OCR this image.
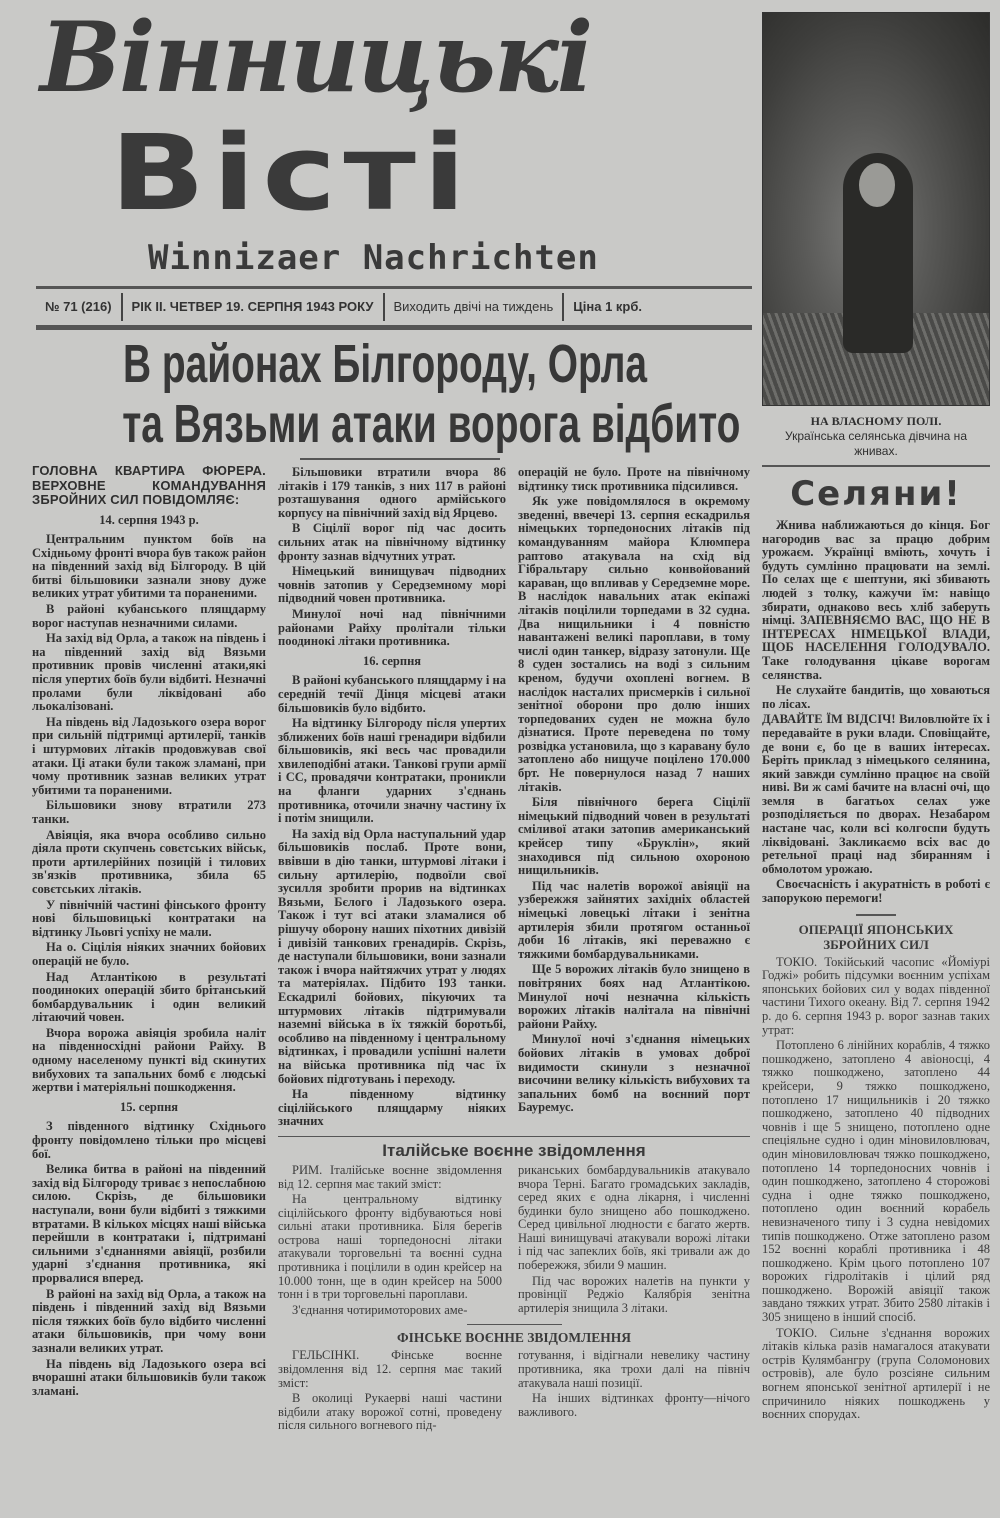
Вінницькі
Вісті
Winnizaer Nachrichten
№ 71 (216)	РІК II. ЧЕТВЕР 19. СЕРПНЯ 1943 РОКУ	Виходить двічі на тиждень	Ціна 1 крб.
В районах Білгороду, Орла
та Вязьми атаки ворога відбито	НА ВЛАСНОМУ ПОЛІ.
Українська селянська дівчина на жнивах.
Селяни!

Жнива наближаються до кінця. Бог нагородив вас за працю добрим урожаєм. Українці вміють, хочуть і будуть сумлінно працювати на землі. По селах ще є шептуни, які збивають людей з толку, кажучи їм: навіщо збирати, однаково весь хліб заберуть німці. ЗАПЕВНЯЄМО ВАС, ЩО НЕ В ІНТЕРЕСАХ НІМЕЦЬКОЇ ВЛАДИ, ЩОБ НАСЕЛЕННЯ ГОЛОДУВАЛО. Таке голодування цікаве ворогам селянства.

Не слухайте бандитів, що ховаються по лісах.

ДАВАЙТЕ ЇМ ВІДСІЧ! Виловлюйте їх і передавайте в руки влади. Сповіщайте, де вони є, бо це в ваших інтересах. Беріть приклад з німецького селянина, який завжди сумлінно працює на своїй ниві. Ви ж самі бачите на власні очі, що земля в багатьох селах уже розподіляється по дворах. Незабаром настане час, коли всі колгоспи будуть ліквідовані. Закликаємо всіх вас до ретельної праці над збиранням і обмолотом урожаю.

Своєчасність і акуратність в роботі є запорукою перемоги!

ОПЕРАЦІЇ ЯПОНСЬКИХ ЗБРОЙНИХ СИЛ

ТОКІО. Токійський часопис «Йоміурі Годжі» робить підсумки воєнним успіхам японських бойових сил у водах південної частини Тихого океану. Від 7. серпня 1942 р. до 6. серпня 1943 р. ворог зазнав таких утрат:

Потоплено 6 лінійних кораблів, 4 тяжко пошкоджено, затоплено 4 авіоносці, 4 тяжко пошкоджено, затоплено 44 крейсери, 9 тяжко пошкоджено, потоплено 17 нищильників і 20 тяжко пошкоджено, затоплено 40 підводних човнів і ще 5 знищено, потоплено одне спеціяльне судно і один міновиловлювач, один міновиловлювач тяжко пошкоджено, потоплено 14 торпедоносних човнів і один пошкоджено, затоплено 4 сторожові судна і одне тяжко пошкоджено, потоплено один воєнний корабель невизначеного типу і 3 судна невідомих типів пошкоджено. Отже затоплено разом 152 воєнні кораблі противника і 48 пошкоджено. Крім цього потоплено 107 ворожих гідролітаків і цілий ряд пошкоджено. Ворожій авіяції також завдано тяжких утрат. Збито 2580 літаків і 305 знищено в інший спосіб.

ТОКІО. Сильне з'єднання ворожих літаків кілька разів намагалося атакувати острів Кулямбангру (група Соломонових островів), але було розсіяне сильним вогнем японської зенітної артилерії і не спричинило ніяких пошкоджень у воєнних спорудах.

ГОЛОВНА КВАРТИРА ФЮРЕРА. ВЕРХОВНЕ КОМАНДУВАННЯ ЗБРОЙНИХ СИЛ ПОВІДОМЛЯЄ:

14. серпня 1943 р.

Центральним пунктом боїв на Східньому фронті вчора був також район на південний захід від Білгороду. В цій битві більшовики зазнали знову дуже великих утрат убитими та пораненими.

В районі кубанського плящдарму ворог наступав незначними силами.

На захід від Орла, а також на південь і на південний захід від Вязьми противник провів численні атаки,які після упертих боїв були відбиті. Незначні пролами були ліквідовані або льокалізовані.

На південь від Ладозького озера ворог при сильній підтримці артилерії, танків і штурмових літаків продовжував свої атаки. Ці атаки були також зламані, при чому противник зазнав великих утрат убитими та пораненими.

Більшовики знову втратили 273 танки.

Авіяція, яка вчора особливо сильно діяла проти скупчень совєтських військ, проти артилерійних позицій і тилових зв'язків противника, збила 65 совєтських літаків.

У північній частині фінського фронту нові більшовицькі контратаки на відтинку Льовгі успіху не мали.

На о. Сіцілія ніяких значних бойових операцій не було.

Над Атлантікою в результаті поодиноких операцій збито брітанський бомбардувальник і один великий літаючий човен.

Вчора ворожа авіяція зробила наліт на південносхідні райони Райху. В одному населеному пункті від скинутих вибухових та запальних бомб є людські жертви і матеріяльні пошкодження.

15. серпня

З південного відтинку Східнього фронту повідомлено тільки про місцеві бої.

Велика битва в районі на південний захід від Білгороду триває з непослабною силою. Скрізь, де більшовики наступали, вони були відбиті з тяжкими втратами. В кількох місцях наші війська перейшли в контратаки і, підтримані сильними з'єднаннями авіяції, розбили ударні з'єднання противника, які прорвалися вперед.

В районі на захід від Орла, а також на південь і південний захід від Вязьми після тяжких боїв було відбито численні атаки більшовиків, при чому вони зазнали великих утрат.

На південь від Ладозького озера всі вчорашні атаки більшовиків були також зламані.

Більшовики втратили вчора 86 літаків і 179 танків, з них 117 в районі розташування одного армійського корпусу на північний захід від Ярцево.

В Сіцілії ворог під час досить сильних атак на північному відтинку фронту зазнав відчутних утрат.

Німецький винищувач підводних човнів затопив у Середземному морі підводний човен противника.

Минулої ночі над північними районами Райху пролітали тільки поодинокі літаки противника.

16. серпня

В районі кубанського плящдарму і на середній течії Дінця місцеві атаки більшовиків було відбито.

На відтинку Білгороду після упертих зближених боїв наші гренадири відбили більшовиків, які весь час провадили хвилеподібні атаки. Танкові групи армії і СС, провадячи контратаки, проникли на фланги ударних з'єднань противника, оточили значну частину їх і потім знищили.

На захід від Орла наступальний удар більшовиків послаб. Проте вони, ввівши в дію танки, штурмові літаки і сильну артилерію, подвоїли свої зусилля зробити прорив на відтинках Вязьми, Бєлого і Ладозького озера. Також і тут всі атаки зламалися об рішучу оборону наших піхотних дивізій і дивізій танкових гренадирів. Скрізь, де наступали більшовики, вони зазнали також і вчора найтяжчих утрат у людях та матеріялах. Підбито 193 танки. Ескадрилі бойових, пікуючих та штурмових літаків підтримували наземні війська в їх тяжкій боротьбі, особливо на південному і центральному відтинках, і провадили успішні налети на війська противника під час їх бойових підготувань і переходу.

На південному відтинку сіцілійського плящдарму ніяких значних

операцій не було. Проте на північному відтинку тиск противника підсилився.

Як уже повідомлялося в окремому зведенні, ввечері 13. серпня ескадрилья німецьких торпедоносних літаків під командуванням майора Клюмпера раптово атакувала на схід від Гібральтару сильно конвойований караван, що впливав у Середземне море. В наслідок навальних атак екіпажі літаків поцілили торпедами в 32 судна. Два нищильники і 4 повністю навантажені великі пароплави, в тому числі один танкер, відразу затонули. Ще 8 суден зостались на воді з сильним креном, будучи охоплені вогнем. В наслідок насталих присмерків і сильної зенітної оборони про долю інших торпедованих суден не можна було дізнатися. Проте переведена по тому розвідка установила, що з каравану було затоплено або нищуче поцілено 170.000 брт. Не повернулося назад 7 наших літаків.

Біля північного берега Сіцілії німецький підводний човен в результаті сміливої атаки затопив американський крейсер типу «Бруклін», який знаходився під сильною охороною нищильників.

Під час налетів ворожої авіяції на узбережжя зайнятих західніх областей німецькі ловецькі літаки і зенітна артилерія збили протягом останньої доби 16 літаків, які переважно є тяжкими бомбардувальниками.

Ще 5 ворожих літаків було знищено в повітряних боях над Атлантікою. Минулої ночі незначна кількість ворожих літаків налітала на північні райони Райху.

Минулої ночі з'єднання німецьких бойових літаків в умовах доброї видимости скинули з незначної височини велику кількість вибухових та запальних бомб на воєнний порт Бауремус.

Італійське воєнне звідомлення

РИМ. Італійське воєнне звідомлення від 12. серпня має такий зміст:

На центральному відтинку сіцілійського фронту відбуваються нові сильні атаки противника. Біля берегів острова наші торпедоносні літаки атакували торговельні та воєнні судна противника і поцілили в один крейсер на 10.000 тонн, ще в один крейсер на 5000 тонн і в три торговельні пароплави.

З'єднання чотиримоторових аме-

риканських бомбардувальників атакувало вчора Терні. Багато громадських закладів, серед яких є одна лікарня, і численні будинки було знищено або пошкоджено. Серед цивільної людности є багато жертв. Наші винищувачі атакували ворожі літаки і під час запеклих боїв, які тривали аж до побережжя, збили 9 машин.

Під час ворожих налетів на пункти у провінції Реджіо Калябрія зенітна артилерія знищила 3 літаки.

ФІНСЬКЕ ВОЄННЕ ЗВІДОМЛЕННЯ

ГЕЛЬСІНКІ. Фінське воєнне звідомлення від 12. серпня має такий зміст:

В околиці Рукаерві наші частини відбили атаку ворожої сотні, проведену після сильного вогневого під-

готування, і відігнали невелику частину противника, яка трохи далі на північ атакувала наші позиції.

На інших відтинках фронту—нічого важливого.
